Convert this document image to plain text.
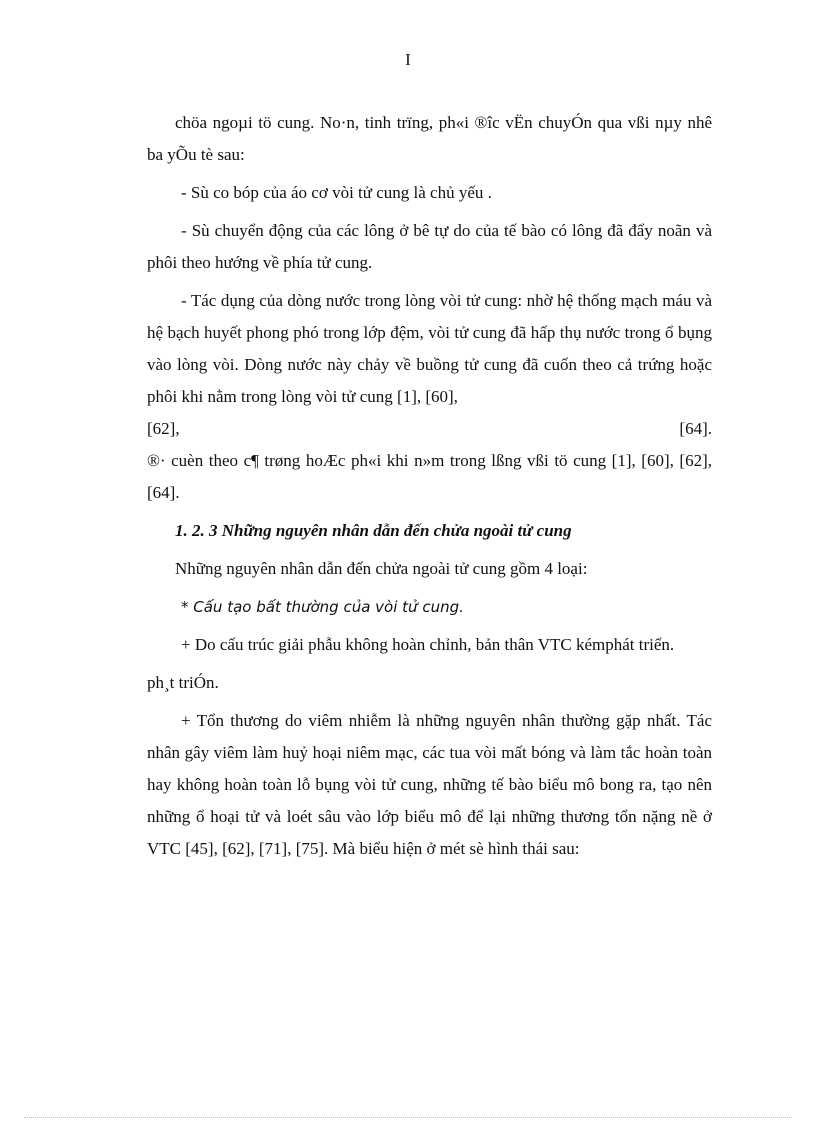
I

chöa ngoµi tö cung. No·n, tinh trïng, ph«i ®îc vËn chuyÓn qua vßi nµy nhê ba yÕu tè sau:

- Sù co bóp của áo cơ vòi tử cung là chủ yếu .

- Sù chuyển động của các lông ở bê tự do của tế bào có lông đã đẩy noãn và phôi theo hướng về phía tử cung.

- Tác dụng của dòng nước trong lòng vòi tử cung: nhờ hệ thống mạch máu và hệ bạch huyết phong phó trong lớp đệm, vòi tử cung đã hấp thụ nước trong ổ bụng vào lòng vòi. Dòng nước này chảy về buồng tử cung đã cuốn theo cả trứng hoặc phôi khi nằm trong lòng vòi tử cung [1], [60],

[62],	[64].

®· cuèn theo c¶ trøng hoÆc ph«i khi n»m trong lßng vßi tö cung [1], [60], [62], [64].

1. 2. 3 Những nguyên nhân dẫn đến chửa ngoài tử cung

Những nguyên nhân dẫn đến chửa ngoài tử cung gồm 4 loại:

* Cấu tạo bất thường của vòi tử cung.

+ Do cấu trúc giải phẫu không hoàn chỉnh, bản thân VTC kémphát triển.

ph¸t triÓn.

+ Tổn thương do viêm nhiễm là những nguyên nhân thường gặp nhất. Tác nhân gây viêm làm huỷ hoại niêm mạc, các tua vòi mất bóng và làm tắc hoàn toàn hay không hoàn toàn lỗ bụng vòi tử cung, những tế bào biểu mô bong ra, tạo nên những ổ hoại tử và loét sâu vào lớp biểu mô để lại những thương tổn nặng nề ở VTC [45], [62], [71], [75]. Mà biểu hiện ở mét sè hình thái sau:
